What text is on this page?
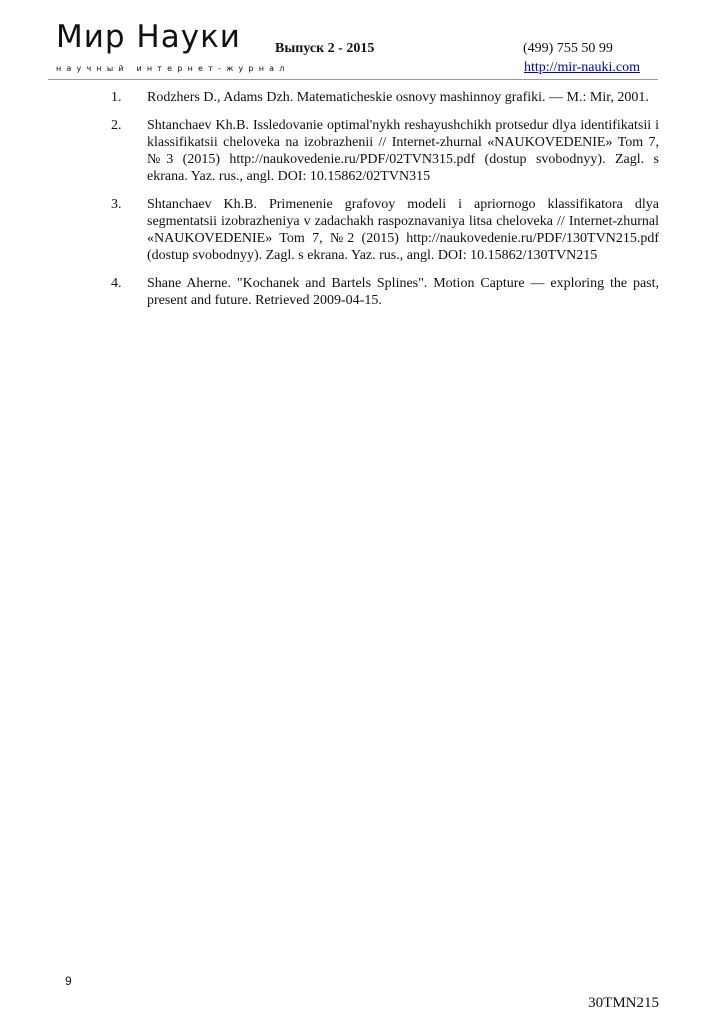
Мир Науки
научный интернет-журнал
Выпуск 2 - 2015	(499) 755 50 99
http://mir-nauki.com
1.	Rodzhers D., Adams Dzh. Matematicheskie osnovy mashinnoy grafiki. — M.: Mir, 2001.
2.	Shtanchaev Kh.B. Issledovanie optimal'nykh reshayushchikh protsedur dlya identifikatsii i klassifikatsii cheloveka na izobrazhenii // Internet-zhurnal «NAUKOVEDENIE» Tom 7, №3 (2015) http://naukovedenie.ru/PDF/02TVN315.pdf (dostup svobodnyy). Zagl. s ekrana. Yaz. rus., angl. DOI: 10.15862/02TVN315
3.	Shtanchaev Kh.B. Primenenie grafovoy modeli i apriornogo klassifikatora dlya segmentatsii izobrazheniya v zadachakh raspoznavaniya litsa cheloveka // Internet-zhurnal «NAUKOVEDENIE» Tom 7, №2 (2015) http://naukovedenie.ru/PDF/130TVN215.pdf (dostup svobodnyy). Zagl. s ekrana. Yaz. rus., angl. DOI: 10.15862/130TVN215
4.	Shane Aherne. "Kochanek and Bartels Splines". Motion Capture — exploring the past, present and future. Retrieved 2009-04-15.
9
30TMN215
